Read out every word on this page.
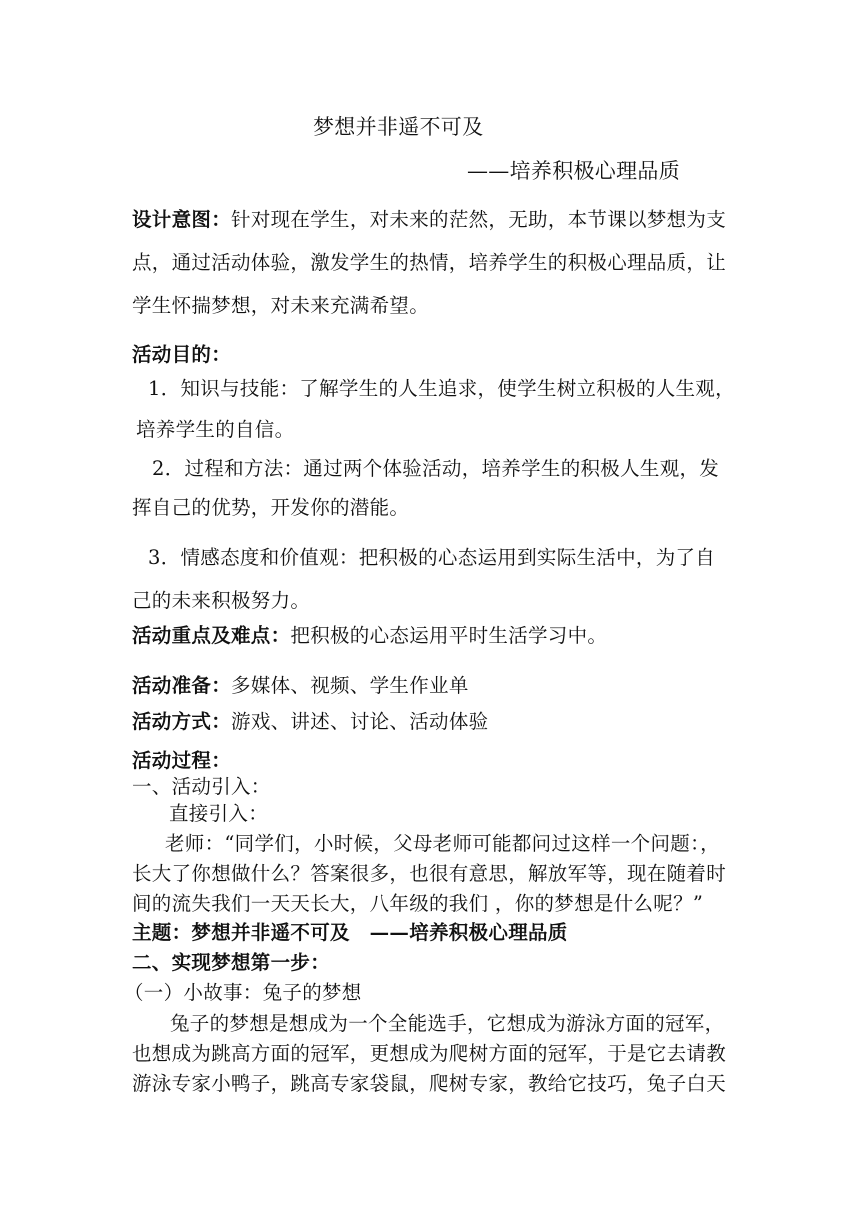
梦想并非遥不可及
——培养积极心理品质
设计意图：针对现在学生，对未来的茫然，无助，本节课以梦想为支
点，通过活动体验，激发学生的热情，培养学生的积极心理品质，让
学生怀揣梦想，对未来充满希望。
活动目的：
1．知识与技能：了解学生的人生追求，使学生树立积极的人生观，
培养学生的自信。
2．过程和方法：通过两个体验活动，培养学生的积极人生观，发
挥自己的优势，开发你的潜能。
3．情感态度和价值观：把积极的心态运用到实际生活中，为了自
己的未来积极努力。
活动重点及难点：把积极的心态运用平时生活学习中。
活动准备：多媒体、视频、学生作业单
活动方式：游戏、讲述、讨论、活动体验
活动过程：
一、活动引入：
直接引入：
老师：“同学们，小时候，父母老师可能都问过这样一个问题：，
长大了你想做什么？答案很多，也很有意思，解放军等，现在随着时
间的流失我们一天天长大，八年级的我们 ，你的梦想是什么呢？”
主题：梦想并非遥不可及　——培养积极心理品质
二、实现梦想第一步：
（一）小故事：兔子的梦想
兔子的梦想是想成为一个全能选手，它想成为游泳方面的冠军，
也想成为跳高方面的冠军，更想成为爬树方面的冠军，于是它去请教
游泳专家小鸭子，跳高专家袋鼠，爬树专家，教给它技巧，兔子白天
